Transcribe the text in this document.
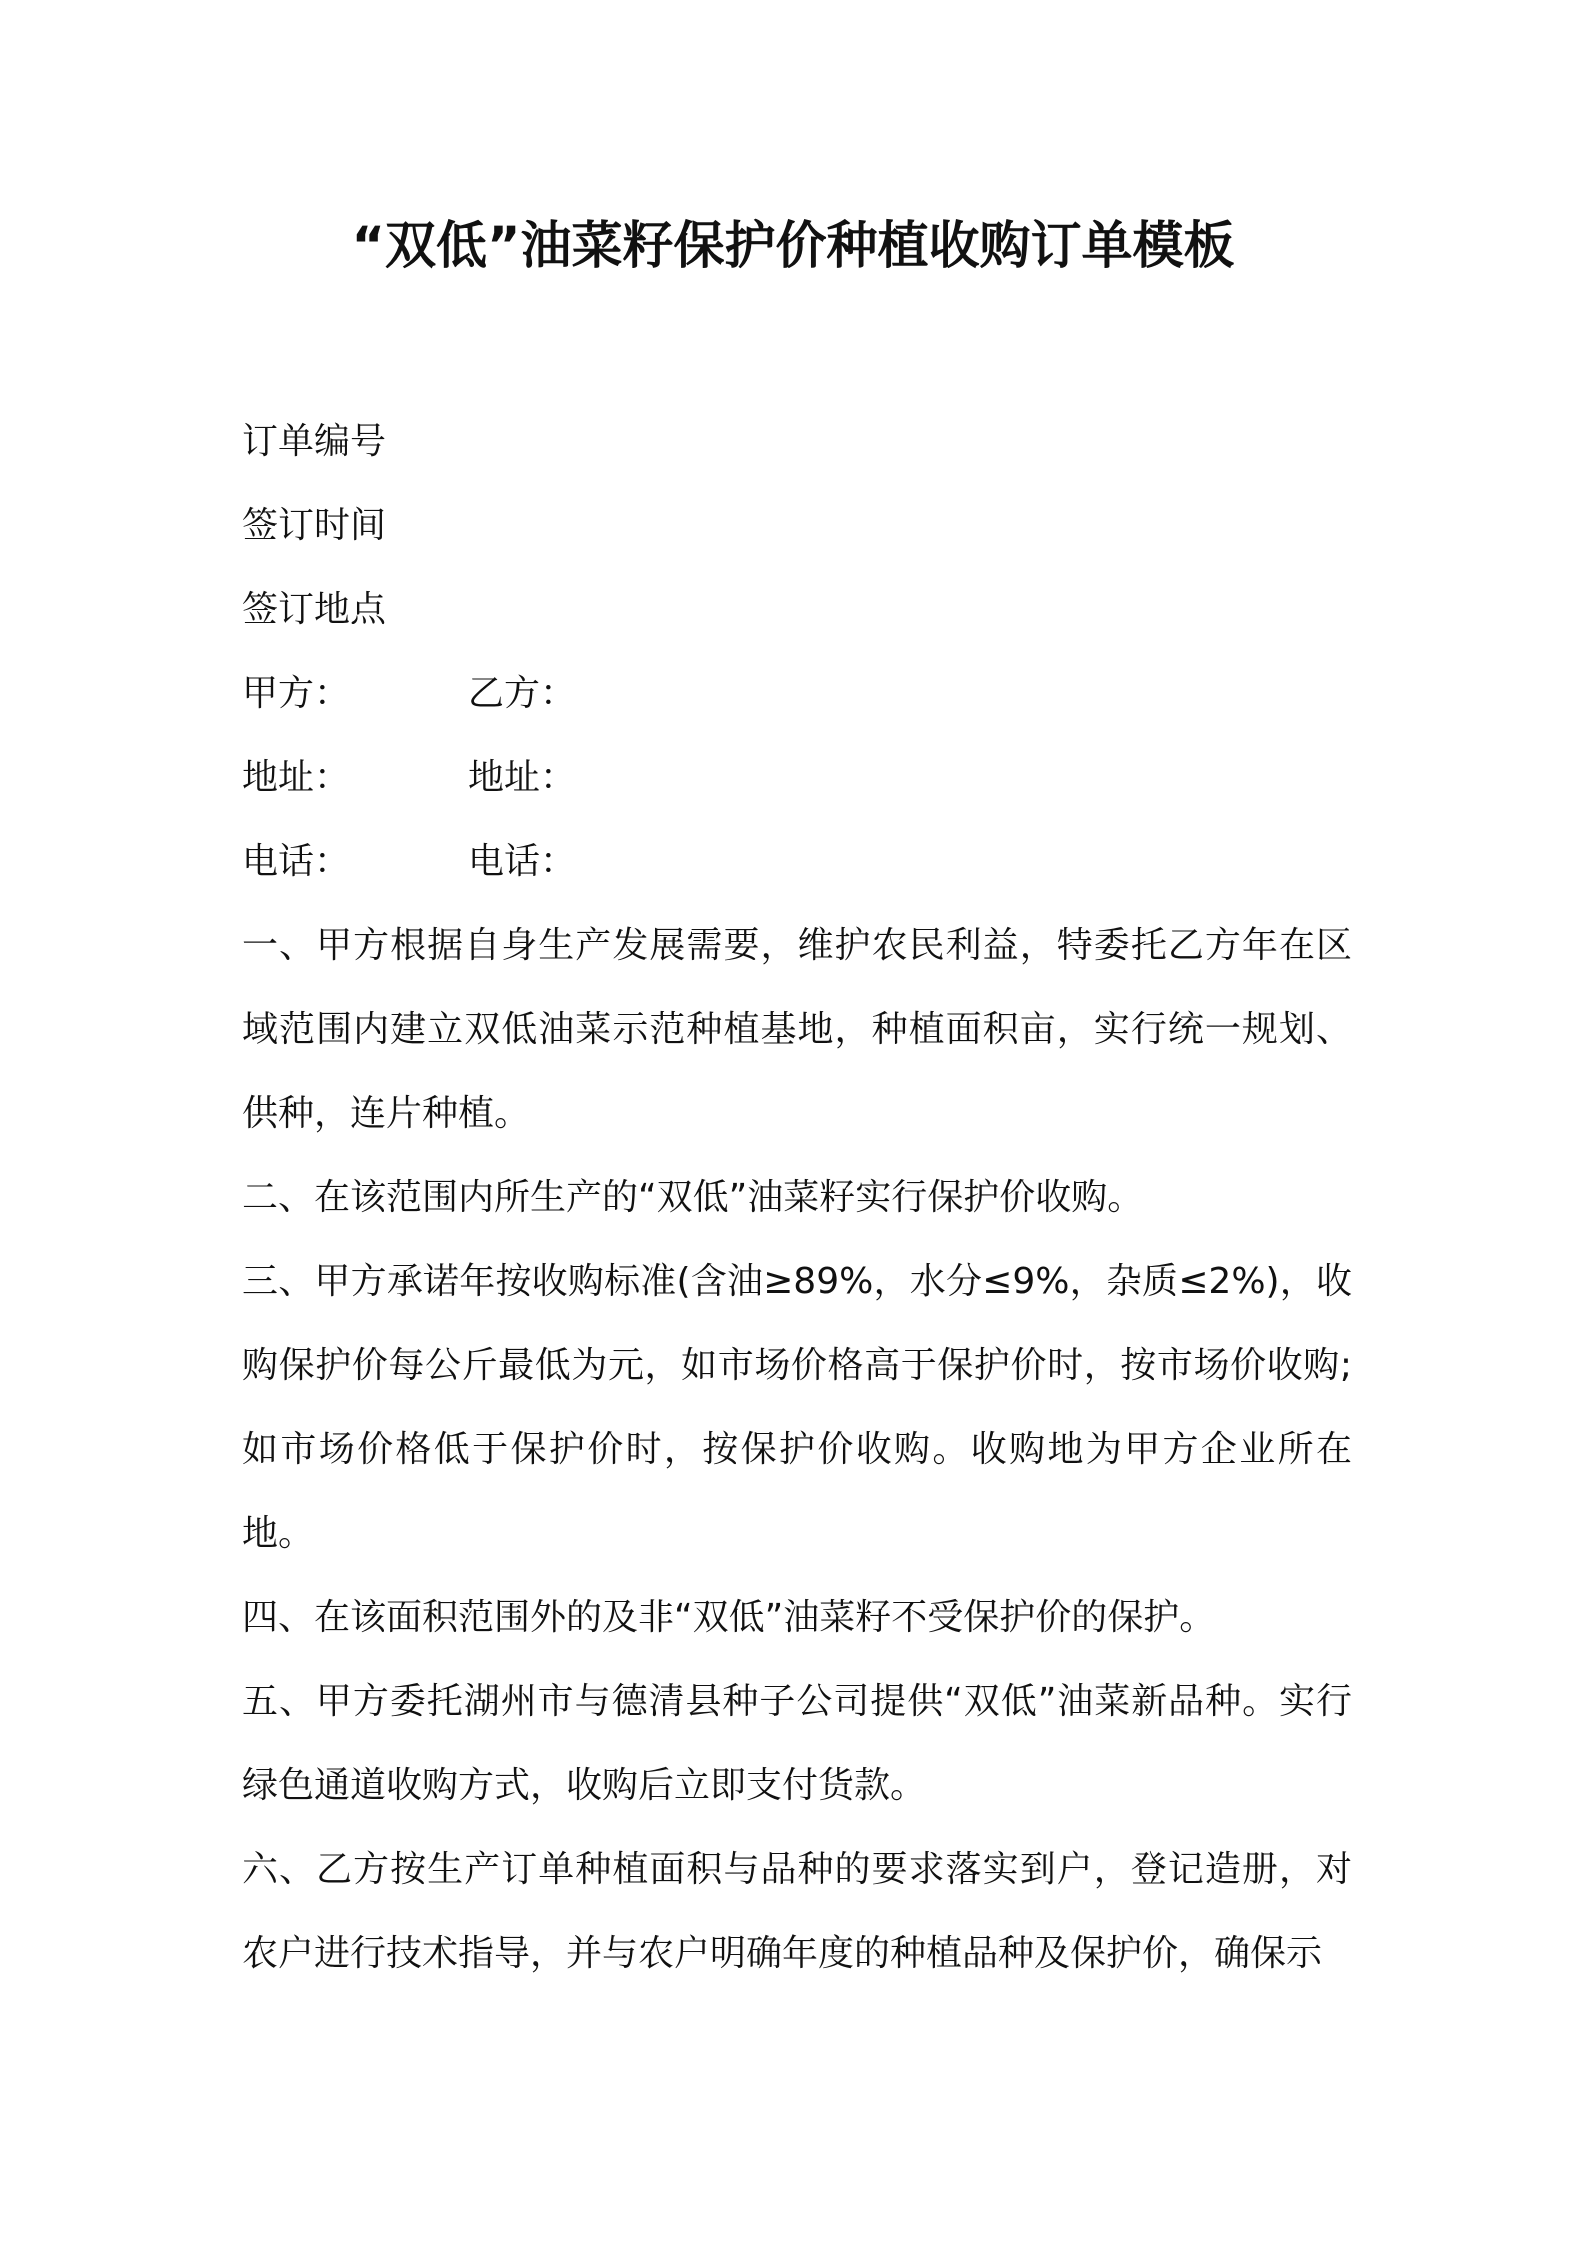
“双低”油菜籽保护价种植收购订单模板
订单编号
签订时间
签订地点
甲方：	乙方：
地址：	地址：
电话：	电话：
一、甲方根据自身生产发展需要，维护农民利益，特委托乙方年在区域范围内建立双低油菜示范种植基地，种植面积亩，实行统一规划、供种，连片种植。
二、在该范围内所生产的“双低”油菜籽实行保护价收购。
三、甲方承诺年按收购标准(含油≥89%，水分≤9%，杂质≤2%)，收购保护价每公斤最低为元，如市场价格高于保护价时，按市场价收购;如市场价格低于保护价时，按保护价收购。收购地为甲方企业所在地。
四、在该面积范围外的及非“双低”油菜籽不受保护价的保护。
五、甲方委托湖州市与德清县种子公司提供“双低”油菜新品种。实行绿色通道收购方式，收购后立即支付货款。
六、乙方按生产订单种植面积与品种的要求落实到户，登记造册，对农户进行技术指导，并与农户明确年度的种植品种及保护价，确保示
